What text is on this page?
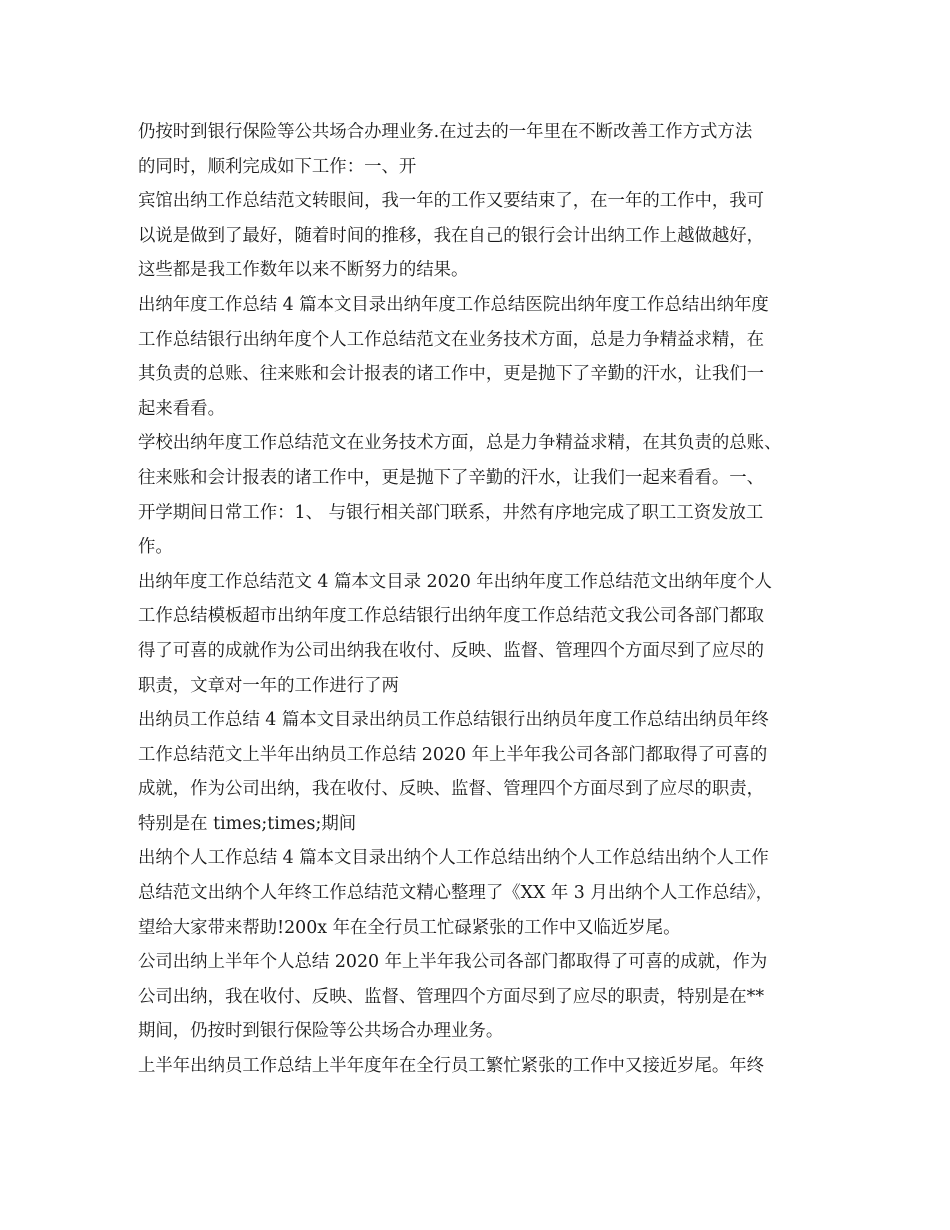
仍按时到银行保险等公共场合办理业务.在过去的一年里在不断改善工作方式方法
的同时，顺利完成如下工作：一、开
宾馆出纳工作总结范文转眼间，我一年的工作又要结束了，在一年的工作中，我可
以说是做到了最好，随着时间的推移，我在自己的银行会计出纳工作上越做越好，
这些都是我工作数年以来不断努力的结果。
出纳年度工作总结 4 篇本文目录出纳年度工作总结医院出纳年度工作总结出纳年度
工作总结银行出纳年度个人工作总结范文在业务技术方面，总是力争精益求精，在
其负责的总账、往来账和会计报表的诸工作中，更是抛下了辛勤的汗水，让我们一
起来看看。
学校出纳年度工作总结范文在业务技术方面，总是力争精益求精，在其负责的总账、
往来账和会计报表的诸工作中，更是抛下了辛勤的汗水，让我们一起来看看。一、
开学期间日常工作：1、 与银行相关部门联系，井然有序地完成了职工工资发放工
作。
出纳年度工作总结范文 4 篇本文目录 2020 年出纳年度工作总结范文出纳年度个人
工作总结模板超市出纳年度工作总结银行出纳年度工作总结范文我公司各部门都取
得了可喜的成就作为公司出纳我在收付、反映、监督、管理四个方面尽到了应尽的
职责，文章对一年的工作进行了两
出纳员工作总结 4 篇本文目录出纳员工作总结银行出纳员年度工作总结出纳员年终
工作总结范文上半年出纳员工作总结 2020 年上半年我公司各部门都取得了可喜的
成就，作为公司出纳，我在收付、反映、监督、管理四个方面尽到了应尽的职责，
特别是在 times;times;期间
出纳个人工作总结 4 篇本文目录出纳个人工作总结出纳个人工作总结出纳个人工作
总结范文出纳个人年终工作总结范文精心整理了《XX 年 3 月出纳个人工作总结》，
望给大家带来帮助!200x 年在全行员工忙碌紧张的工作中又临近岁尾。
公司出纳上半年个人总结 2020 年上半年我公司各部门都取得了可喜的成就，作为
公司出纳，我在收付、反映、监督、管理四个方面尽到了应尽的职责，特别是在**
期间，仍按时到银行保险等公共场合办理业务。
上半年出纳员工作总结上半年度年在全行员工繁忙紧张的工作中又接近岁尾。年终
